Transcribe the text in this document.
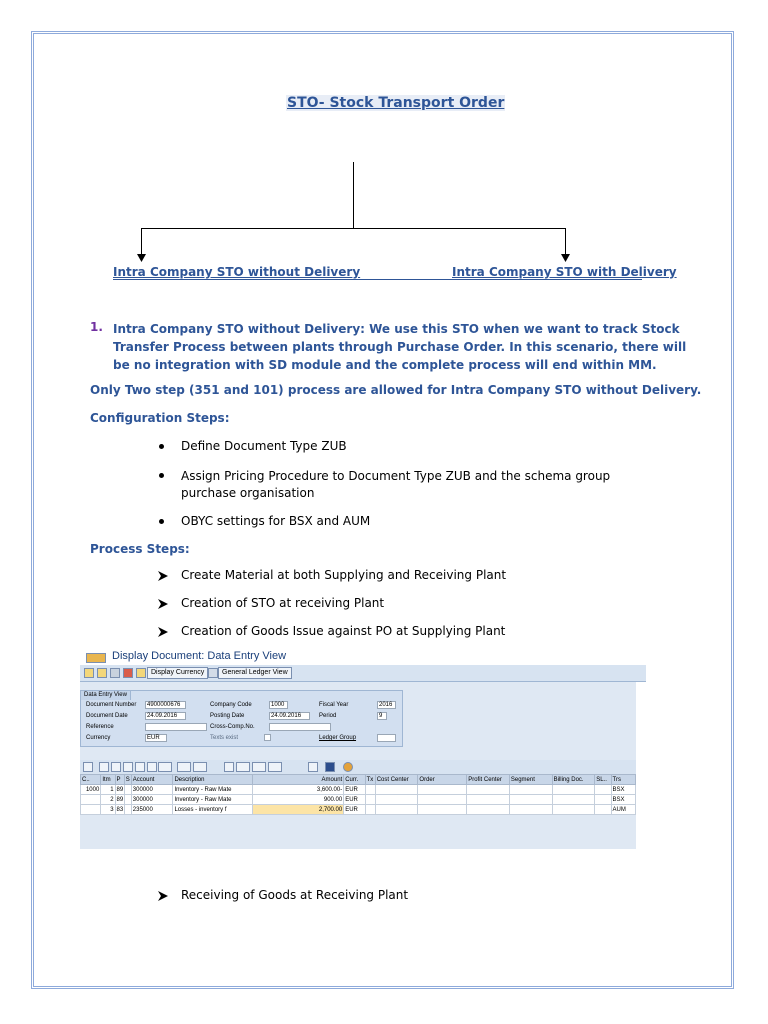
STO- Stock Transport Order
Intra Company STO without Delivery	Intra Company STO with Delivery
1. Intra Company STO without Delivery: We use this STO when we want to track Stock Transfer Process between plants through Purchase Order. In this scenario, there will be no integration with SD module and the complete process will end within MM.
Only Two step (351 and 101) process are allowed for Intra Company STO without Delivery.
Configuration Steps:
Define Document Type ZUB
Assign Pricing Procedure to Document Type ZUB and the schema group purchase organisation
OBYC settings for BSX and AUM
Process Steps:
Create Material at both Supplying and Receiving Plant
Creation of STO at receiving Plant
Creation of Goods Issue against PO at Supplying Plant
Display Document: Data Entry View
Display Currency	General Ledger View
Data Entry View
Document Number	4900000676	Company Code	1000	Fiscal Year	2016
Document Date	24.09.2016	Posting Date	24.09.2016	Period	9
Reference	Cross-Comp.No.
Currency	EUR	Texts exist	Ledger Group
C..	Itm	P	S	Account	Description	Amount	Curr.	Tx	Cost Center	Order	Profit Center	Segment	Billing Doc.	SL..	Trs
1000	1	89		300000	Inventory - Raw Mate	3,600.00-	EUR								BSX
	2	89		300000	Inventory - Raw Mate	900.00	EUR								BSX
	3	83		235000	Losses - inventory f	2,700.00	EUR								AUM
Receiving of Goods at Receiving Plant
